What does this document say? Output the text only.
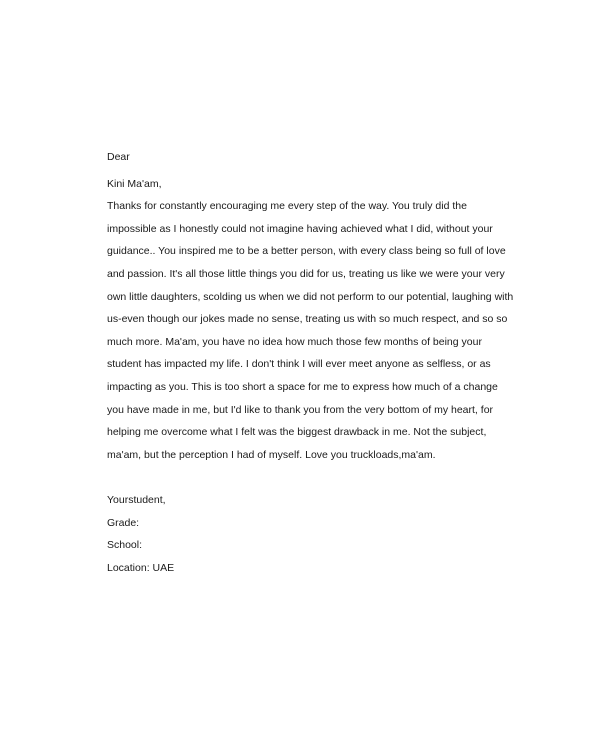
Dear
Kini Ma'am,
Thanks for constantly encouraging me every step of the way. You truly did the
impossible as I honestly could not imagine having achieved what I did, without your
guidance.. You inspired me to be a better person, with every class being so full of love
and passion. It's all those little things you did for us, treating us like we were your very
own little daughters, scolding us when we did not perform to our potential, laughing with
us-even though our jokes made no sense, treating us with so much respect, and so so
much more. Ma'am, you have no idea how much those few months of being your
student has impacted my life. I don't think I will ever meet anyone as selfless, or as
impacting as you. This is too short a space for me to express how much of a change
you have made in me, but I'd like to thank you from the very bottom of my heart, for
helping me overcome what I felt was the biggest drawback in me. Not the subject,
ma'am, but the perception I had of myself. Love you truckloads,ma'am.
Yourstudent,
Grade:
School:
Location: UAE
